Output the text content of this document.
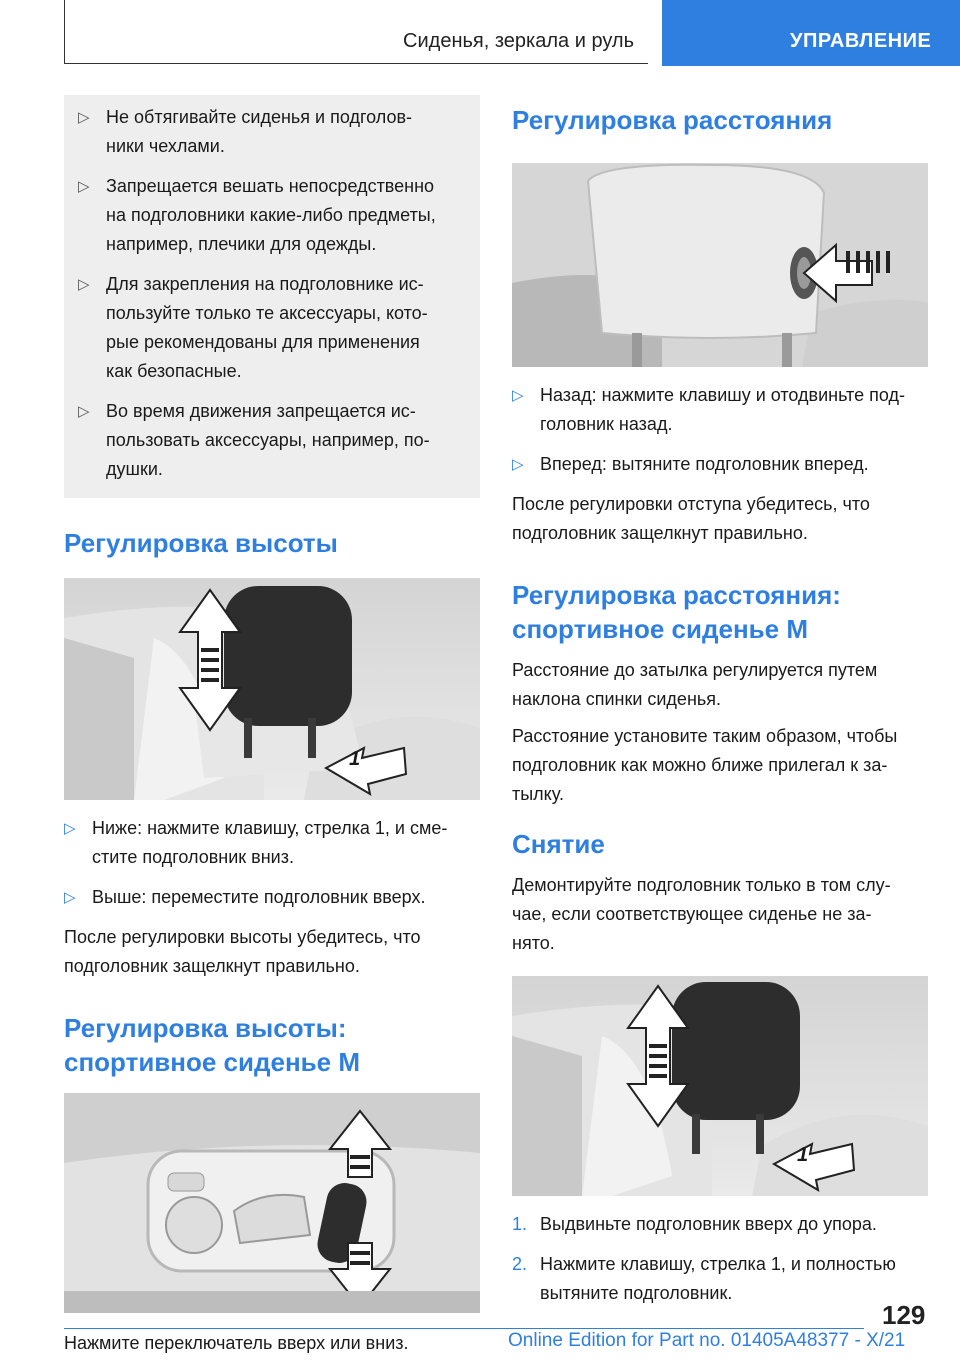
Сиденья, зеркала и руль	УПРАВЛЕНИЕ
▷ Не обтягивайте сиденья и подголов-
ники чехлами.
▷ Запрещается вешать непосредственно
на подголовники какие-либо предметы,
например, плечики для одежды.
▷ Для закрепления на подголовнике ис-
пользуйте только те аксессуары, кото-
рые рекомендованы для применения
как безопасные.
▷ Во время движения запрещается ис-
пользовать аксессуары, например, по-
душки.
Регулировка высоты
1
▷ Ниже: нажмите клавишу, стрелка 1, и сме-
стите подголовник вниз.
▷ Выше: переместите подголовник вверх.
После регулировки высоты убедитесь, что
подголовник защелкнут правильно.
Регулировка высоты:
спортивное сиденье M
Нажмите переключатель вверх или вниз.
Регулировка расстояния
▷ Назад: нажмите клавишу и отодвиньте под-
головник назад.
▷ Вперед: вытяните подголовник вперед.
После регулировки отступа убедитесь, что
подголовник защелкнут правильно.
Регулировка расстояния:
спортивное сиденье M
Расстояние до затылка регулируется путем
наклона спинки сиденья.
Расстояние установите таким образом, чтобы
подголовник как можно ближе прилегал к за-
тылку.
Снятие
Демонтируйте подголовник только в том слу-
чае, если соответствующее сиденье не за-
нято.
1
1. Выдвиньте подголовник вверх до упора.
2. Нажмите клавишу, стрелка 1, и полностью
вытяните подголовник.
129
Online Edition for Part no. 01405A48377 - X/21
